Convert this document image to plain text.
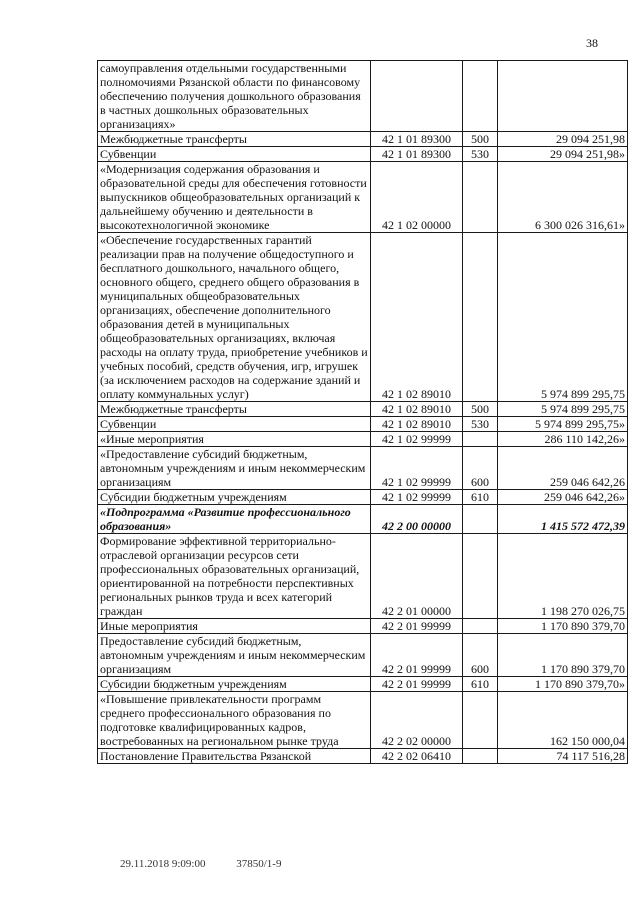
38
самоуправления отдельными государственными полномочиями Рязанской области по финансовому обеспечению получения дошкольного образования в частных дошкольных образовательных организациях»			
Межбюджетные трансферты	42 1 01 89300	500	29 094 251,98
Субвенции	42 1 01 89300	530	29 094 251,98»
«Модернизация содержания образования и образовательной среды для обеспечения готовности выпускников общеобразовательных организаций к дальнейшему обучению и деятельности в высокотехнологичной экономике	42 1 02 00000		6 300 026 316,61»
«Обеспечение государственных гарантий реализации прав на получение общедоступного и бесплатного дошкольного, начального общего, основного общего, среднего общего образования в муниципальных общеобразовательных организациях, обеспечение дополнительного образования детей в муниципальных общеобразовательных организациях, включая расходы на оплату труда, приобретение учебников и учебных пособий, средств обучения, игр, игрушек (за исключением расходов на содержание зданий и оплату коммунальных услуг)	42 1 02 89010		5 974 899 295,75
Межбюджетные трансферты	42 1 02 89010	500	5 974 899 295,75
Субвенции	42 1 02 89010	530	5 974 899 295,75»
«Иные мероприятия	42 1 02 99999		286 110 142,26»
«Предоставление субсидий бюджетным, автономным учреждениям и иным некоммерческим организациям	42 1 02 99999	600	259 046 642,26
Субсидии бюджетным учреждениям	42 1 02 99999	610	259 046 642,26»
«Подпрограмма «Развитие профессионального образования»	42 2 00 00000		1 415 572 472,39
Формирование эффективной территориально-отраслевой организации ресурсов сети профессиональных образовательных организаций, ориентированной на потребности перспективных региональных рынков труда и всех категорий граждан	42 2 01 00000		1 198 270 026,75
Иные мероприятия	42 2 01 99999		1 170 890 379,70
Предоставление субсидий бюджетным, автономным учреждениям и иным некоммерческим организациям	42 2 01 99999	600	1 170 890 379,70
Субсидии бюджетным учреждениям	42 2 01 99999	610	1 170 890 379,70»
«Повышение привлекательности программ среднего профессионального образования по подготовке квалифицированных кадров, востребованных на региональном рынке труда	42 2 02 00000		162 150 000,04
Постановление Правительства Рязанской	42 2 02 06410		74 117 516,28
29.11.2018 9:09:00	37850/1-9
